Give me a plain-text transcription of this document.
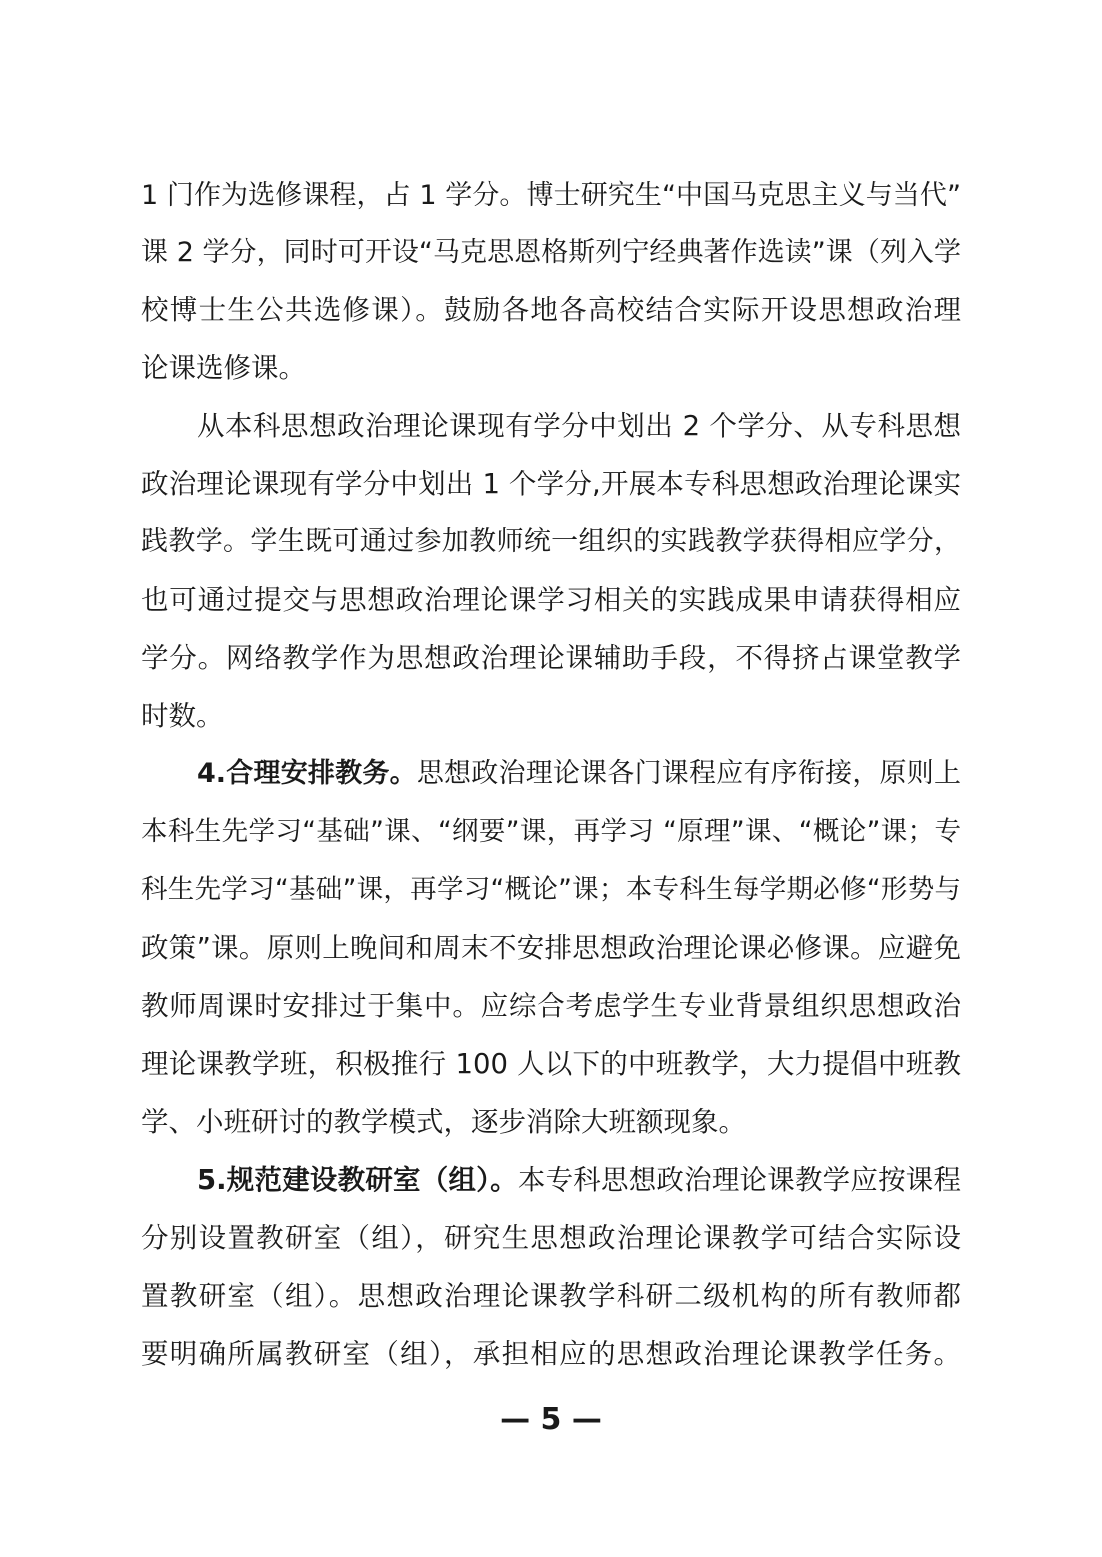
1 门作为选修课程，占 1 学分。博士研究生“中国马克思主义与当代”
课 2 学分，同时可开设“马克思恩格斯列宁经典著作选读”课（列入学
校博士生公共选修课）。鼓励各地各高校结合实际开设思想政治理
论课选修课。
从本科思想政治理论课现有学分中划出 2 个学分、从专科思想
政治理论课现有学分中划出 1 个学分,开展本专科思想政治理论课实
践教学。学生既可通过参加教师统一组织的实践教学获得相应学分，
也可通过提交与思想政治理论课学习相关的实践成果申请获得相应
学分。网络教学作为思想政治理论课辅助手段，不得挤占课堂教学
时数。
4.合理安排教务。思想政治理论课各门课程应有序衔接，原则上
本科生先学习“基础”课、“纲要”课，再学习 “原理”课、“概论”课；专
科生先学习“基础”课，再学习“概论”课；本专科生每学期必修“形势与
政策”课。原则上晚间和周末不安排思想政治理论课必修课。应避免
教师周课时安排过于集中。应综合考虑学生专业背景组织思想政治
理论课教学班，积极推行 100 人以下的中班教学，大力提倡中班教
学、小班研讨的教学模式，逐步消除大班额现象。
5.规范建设教研室（组）。本专科思想政治理论课教学应按课程
分别设置教研室（组），研究生思想政治理论课教学可结合实际设
置教研室（组）。思想政治理论课教学科研二级机构的所有教师都
要明确所属教研室（组），承担相应的思想政治理论课教学任务。
— 5 —
